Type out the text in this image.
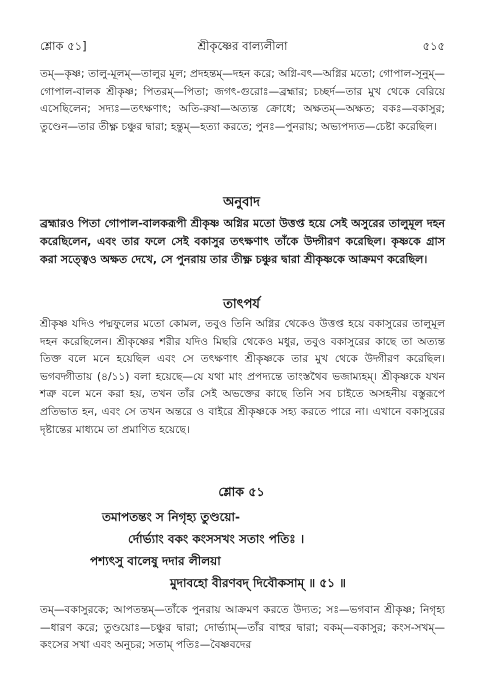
শ্লোক ৫১]	শ্রীকৃষ্ণের বাল্যলীলা	৫১৫

তম্—কৃষ্ণ; তালু-মূলম্—তালুর মূল; প্রদহন্তম্—দহন করে; অগ্নি-বৎ—অগ্নির মতো; গোপাল-সূনুম্—গোপাল-বালক শ্রীকৃষ্ণ; পিতরম্—পিতা; জগৎ-গুরোঃ—ব্রহ্মার; চচ্ছর্দ—তার মুখ থেকে বেরিয়ে এসেছিলেন; সদ্যঃ—তৎক্ষণাৎ; অতি-রুষা—অত্যন্ত ক্রোধে; অক্ষতম্—অক্ষত; বকঃ—বকাসুর; তুণ্ডেন—তার তীক্ষ্ণ চঞ্চুর দ্বারা; হন্তুম্—হত্যা করতে; পুনঃ—পুনরায়; অভ্যপদ্যত—চেষ্টা করেছিল।

অনুবাদ

ব্রহ্মারও পিতা গোপাল-বালকরূপী শ্রীকৃষ্ণ অগ্নির মতো উত্তপ্ত হয়ে সেই অসুরের তালুমূল দহন করেছিলেন, এবং তার ফলে সেই বকাসুর তৎক্ষণাৎ তাঁকে উদ্গীরণ করেছিল। কৃষ্ণকে গ্রাস করা সত্ত্বেও অক্ষত দেখে, সে পুনরায় তার তীক্ষ্ণ চঞ্চুর দ্বারা শ্রীকৃষ্ণকে আক্রমণ করেছিল।

তাৎপর্য

শ্রীকৃষ্ণ যদিও পদ্মফুলের মতো কোমল, তবুও তিনি অগ্নির থেকেও উত্তপ্ত হয়ে বকাসুরের তালুমূল দহন করেছিলেন। শ্রীকৃষ্ণের শরীর যদিও মিছরি থেকেও মধুর, তবুও বকাসুরের কাছে তা অত্যন্ত তিক্ত বলে মনে হয়েছিল এবং সে তৎক্ষণাৎ শ্রীকৃষ্ণকে তার মুখ থেকে উদ্গীরণ করেছিল। ভগবদ্গীতায় (৪/১১) বলা হয়েছে—যে যথা মাং প্রপদ্যন্তে তাংস্তথৈব ভজাম্যহম্। শ্রীকৃষ্ণকে যখন শত্রু বলে মনে করা হয়, তখন তাঁর সেই অভক্তের কাছে তিনি সব চাইতে অসহনীয় বস্তুরূপে প্রতিভাত হন, এবং সে তখন অন্তরে ও বাইরে শ্রীকৃষ্ণকে সহ্য করতে পারে না। এখানে বকাসুরের দৃষ্টান্তের মাধ্যমে তা প্রমাণিত হয়েছে।

শ্লোক ৫১
তমাপতন্তং স নিগৃহ্য তুণ্ডয়ো-
র্দোর্ভ্যাং বকং কংসসখং সতাং পতিঃ ।
পশ্যৎসু বালেষু দদার লীলয়া
মুদাবহো বীরণবদ্ দিবৌকসাম্ ॥ ৫১ ॥

তম্—বকাসুরকে; আপতন্তম্—তাঁকে পুনরায় আক্রমণ করতে উদ্যত; সঃ—ভগবান শ্রীকৃষ্ণ; নিগৃহ্য—ধারণ করে; তুণ্ডয়োঃ—চঞ্চুর দ্বারা; দোর্ভ্যাম্—তাঁর বাহুর দ্বারা; বকম্—বকাসুর; কংস-সখম্—কংসের সখা এবং অনুচর; সতাম্ পতিঃ—বৈষ্ণবদের
